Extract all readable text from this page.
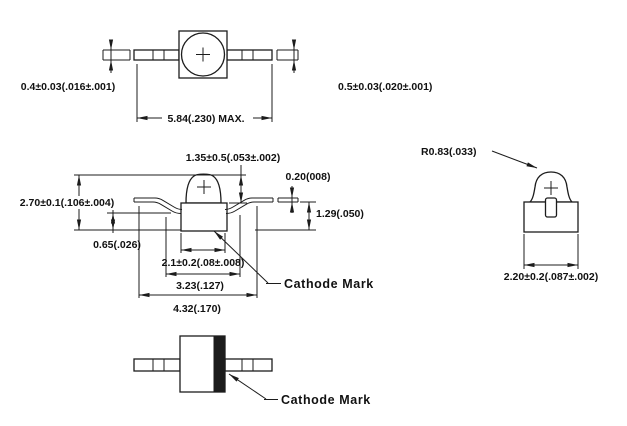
0.4±0.03(.016±.001)	0.5±0.03(.020±.001)
5.84(.230) MAX.
1.35±0.5(.053±.002)
0.20(008)
2.70±0.1(.106±.004)
1.29(.050)
0.65(.026)
2.1±0.2(.08±.008)
3.23(.127)
4.32(.170)
Cathode Mark
R0.83(.033)
2.20±0.2(.087±.002)
Cathode Mark
